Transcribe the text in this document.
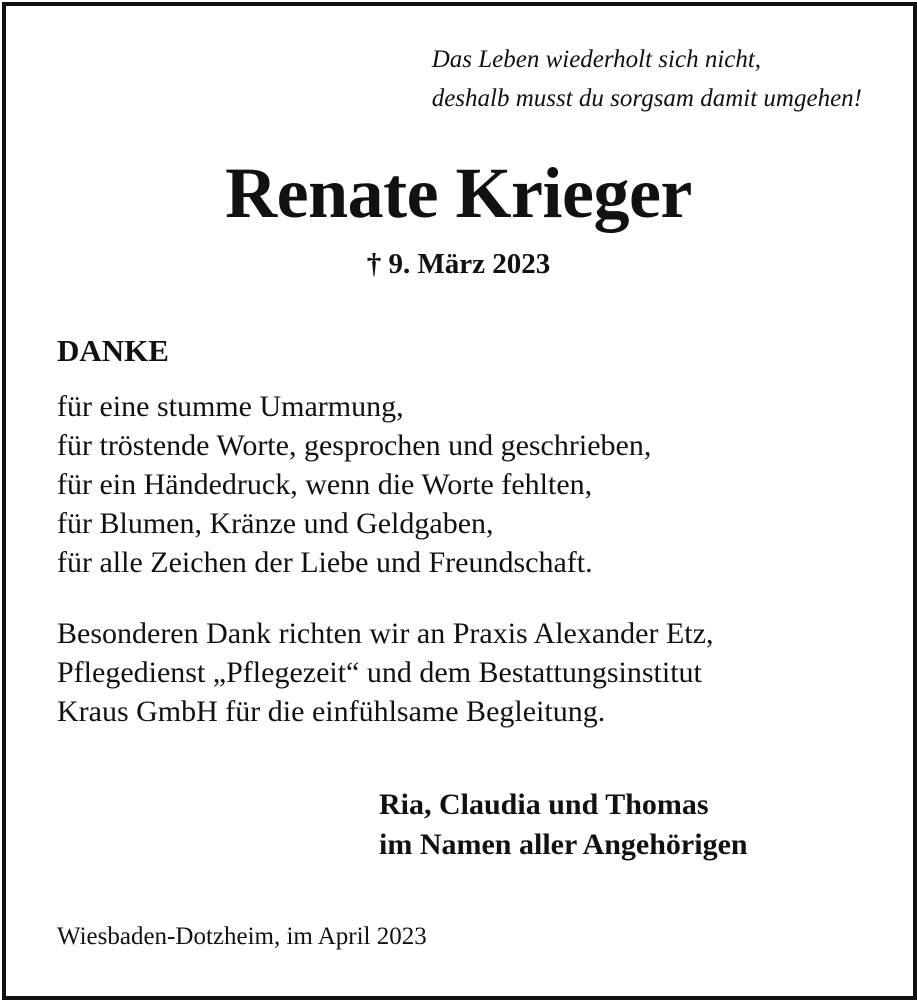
Das Leben wiederholt sich nicht,
deshalb musst du sorgsam damit umgehen!
Renate Krieger
† 9. März 2023
DANKE
für eine stumme Umarmung,
für tröstende Worte, gesprochen und geschrieben,
für ein Händedruck, wenn die Worte fehlten,
für Blumen, Kränze und Geldgaben,
für alle Zeichen der Liebe und Freundschaft.
Besonderen Dank richten wir an Praxis Alexander Etz,
Pflegedienst „Pflegezeit“ und dem Bestattungsinstitut
Kraus GmbH für die einfühlsame Begleitung.
Ria, Claudia und Thomas
im Namen aller Angehörigen
Wiesbaden-Dotzheim, im April 2023
